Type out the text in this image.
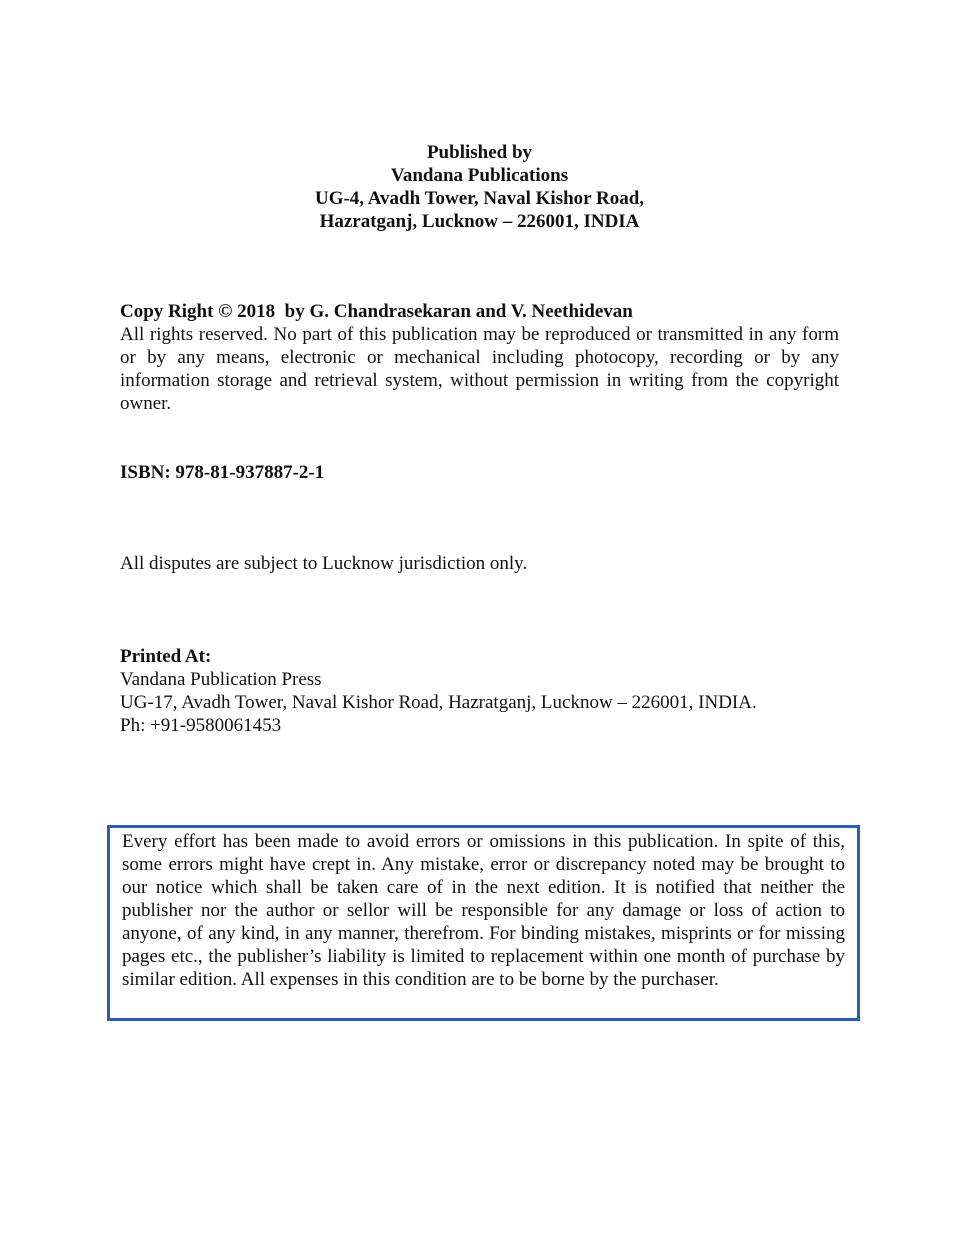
Published by
Vandana Publications
UG-4, Avadh Tower, Naval Kishor Road,
Hazratganj, Lucknow – 226001, INDIA
Copy Right © 2018  by G. Chandrasekaran and V. Neethidevan
All rights reserved. No part of this publication may be reproduced or transmitted in any form or by any means, electronic or mechanical including photocopy, recording or by any information storage and retrieval system, without permission in writing from the copyright owner.
ISBN: 978-81-937887-2-1
All disputes are subject to Lucknow jurisdiction only.
Printed At:
Vandana Publication Press
UG-17, Avadh Tower, Naval Kishor Road, Hazratganj, Lucknow – 226001, INDIA.
Ph: +91-9580061453
Every effort has been made to avoid errors or omissions in this publication. In spite of this, some errors might have crept in. Any mistake, error or discrepancy noted may be brought to our notice which shall be taken care of in the next edition. It is notified that neither the publisher nor the author or sellor will be responsible for any damage or loss of action to anyone, of any kind, in any manner, therefrom. For binding mistakes, misprints or for missing pages etc., the publisher’s liability is limited to replacement within one month of purchase by similar edition. All expenses in this condition are to be borne by the purchaser.
